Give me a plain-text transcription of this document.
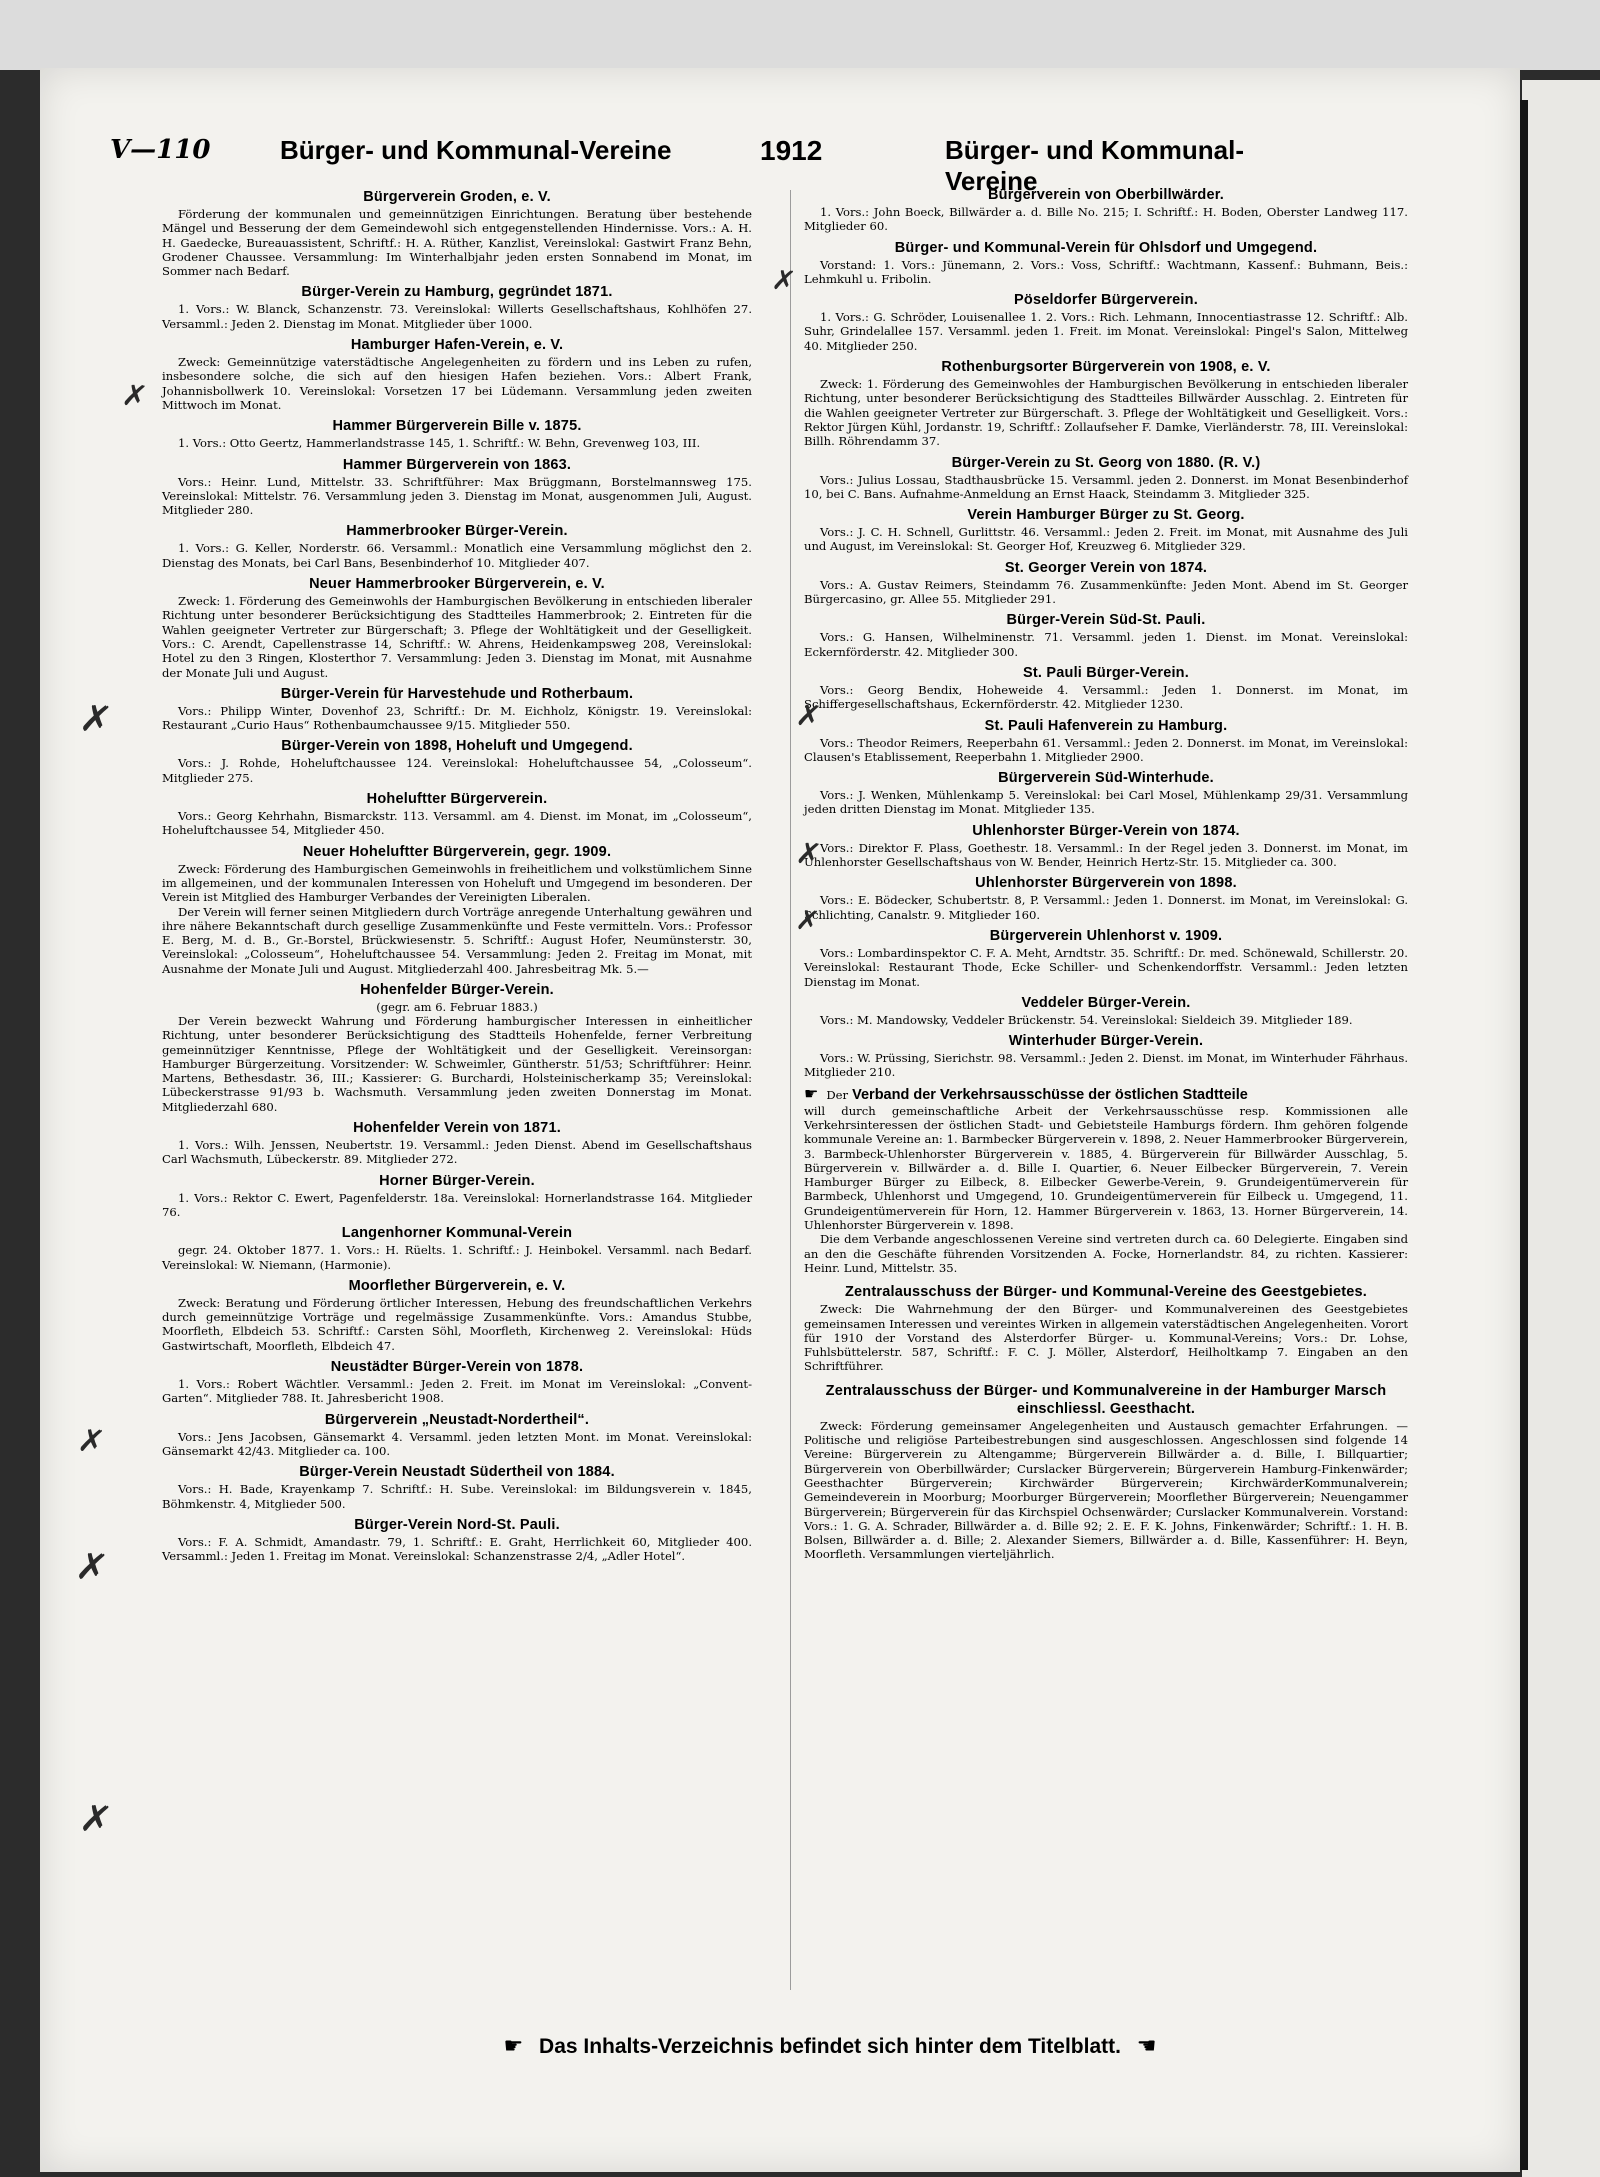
V—110	Bürger- und Kommunal-Vereine	1912	Bürger- und Kommunal-Vereine
Bürgerverein Groden, e. V.

Förderung der kommunalen und gemeinnützigen Einrichtungen. Beratung über bestehende Mängel und Besserung der dem Gemeindewohl sich entgegenstellenden Hindernisse. Vors.: A. H. H. Gaedecke, Bureauassistent, Schriftf.: H. A. Rüther, Kanzlist, Vereinslokal: Gastwirt Franz Behn, Grodener Chaussee. Versammlung: Im Winterhalbjahr jeden ersten Sonnabend im Monat, im Sommer nach Bedarf.

Bürger-Verein zu Hamburg, gegründet 1871.

1. Vors.: W. Blanck, Schanzenstr. 73. Vereinslokal: Willerts Gesellschaftshaus, Kohlhöfen 27. Versamml.: Jeden 2. Dienstag im Monat. Mitglieder über 1000.

Hamburger Hafen-Verein, e. V.

Zweck: Gemeinnützige vaterstädtische Angelegenheiten zu fördern und ins Leben zu rufen, insbesondere solche, die sich auf den hiesigen Hafen beziehen. Vors.: Albert Frank, Johannisbollwerk 10. Vereinslokal: Vorsetzen 17 bei Lüdemann. Versammlung jeden zweiten Mittwoch im Monat.

Hammer Bürgerverein Bille v. 1875.

1. Vors.: Otto Geertz, Hammerlandstrasse 145, 1. Schriftf.: W. Behn, Grevenweg 103, III.

Hammer Bürgerverein von 1863.

Vors.: Heinr. Lund, Mittelstr. 33. Schriftführer: Max Brüggmann, Borstelmannsweg 175. Vereinslokal: Mittelstr. 76. Versammlung jeden 3. Dienstag im Monat, ausgenommen Juli, August. Mitglieder 280.

Hammerbrooker Bürger-Verein.

1. Vors.: G. Keller, Norderstr. 66. Versamml.: Monatlich eine Versammlung möglichst den 2. Dienstag des Monats, bei Carl Bans, Besenbinderhof 10. Mitglieder 407.

Neuer Hammerbrooker Bürgerverein, e. V.

Zweck: 1. Förderung des Gemeinwohls der Hamburgischen Bevölkerung in entschieden liberaler Richtung unter besonderer Berücksichtigung des Stadtteiles Hammerbrook; 2. Eintreten für die Wahlen geeigneter Vertreter zur Bürgerschaft; 3. Pflege der Wohltätigkeit und der Geselligkeit. Vors.: C. Arendt, Capellenstrasse 14, Schriftf.: W. Ahrens, Heidenkampsweg 208, Vereinslokal: Hotel zu den 3 Ringen, Klosterthor 7. Versammlung: Jeden 3. Dienstag im Monat, mit Ausnahme der Monate Juli und August.

Bürger-Verein für Harvestehude und Rotherbaum.

Vors.: Philipp Winter, Dovenhof 23, Schriftf.: Dr. M. Eichholz, Königstr. 19. Vereinslokal: Restaurant „Curio Haus“ Rothenbaumchaussee 9/15. Mitglieder 550.

Bürger-Verein von 1898, Hoheluft und Umgegend.

Vors.: J. Rohde, Hoheluftchaussee 124. Vereinslokal: Hoheluftchaussee 54, „Colosseum“. Mitglieder 275.

Hoheluftter Bürgerverein.

Vors.: Georg Kehrhahn, Bismarckstr. 113. Versamml. am 4. Dienst. im Monat, im „Colosseum“, Hoheluftchaussee 54, Mitglieder 450.

Neuer Hoheluftter Bürgerverein, gegr. 1909.

Zweck: Förderung des Hamburgischen Gemeinwohls in freiheitlichem und volkstümlichem Sinne im allgemeinen, und der kommunalen Interessen von Hoheluft und Umgegend im besonderen. Der Verein ist Mitglied des Hamburger Verbandes der Vereinigten Liberalen.

Der Verein will ferner seinen Mitgliedern durch Vorträge anregende Unterhaltung gewähren und ihre nähere Bekanntschaft durch gesellige Zusammenkünfte und Feste vermitteln. Vors.: Professor E. Berg, M. d. B., Gr.-Borstel, Brückwiesenstr. 5. Schriftf.: August Hofer, Neumünsterstr. 30, Vereinslokal: „Colosseum“, Hoheluftchaussee 54. Versammlung: Jeden 2. Freitag im Monat, mit Ausnahme der Monate Juli und August. Mitgliederzahl 400. Jahresbeitrag Mk. 5.—

Hohenfelder Bürger-Verein.
(gegr. am 6. Februar 1883.)

Der Verein bezweckt Wahrung und Förderung hamburgischer Interessen in einheitlicher Richtung, unter besonderer Berücksichtigung des Stadtteils Hohenfelde, ferner Verbreitung gemeinnütziger Kenntnisse, Pflege der Wohltätigkeit und der Geselligkeit. Vereinsorgan: Hamburger Bürgerzeitung. Vorsitzender: W. Schweimler, Güntherstr. 51/53; Schriftführer: Heinr. Martens, Bethesdastr. 36, III.; Kassierer: G. Burchardi, Holsteinischerkamp 35; Vereinslokal: Lübeckerstrasse 91/93 b. Wachsmuth. Versammlung jeden zweiten Donnerstag im Monat. Mitgliederzahl 680.

Hohenfelder Verein von 1871.

1. Vors.: Wilh. Jenssen, Neubertstr. 19. Versamml.: Jeden Dienst. Abend im Gesellschaftshaus Carl Wachsmuth, Lübeckerstr. 89. Mitglieder 272.

Horner Bürger-Verein.

1. Vors.: Rektor C. Ewert, Pagenfelderstr. 18a. Vereinslokal: Hornerlandstrasse 164. Mitglieder 76.

Langenhorner Kommunal-Verein

gegr. 24. Oktober 1877. 1. Vors.: H. Rüelts. 1. Schriftf.: J. Heinbokel. Versamml. nach Bedarf. Vereinslokal: W. Niemann, (Harmonie).

Moorflether Bürgerverein, e. V.

Zweck: Beratung und Förderung örtlicher Interessen, Hebung des freundschaftlichen Verkehrs durch gemeinnützige Vorträge und regelmässige Zusammenkünfte. Vors.: Amandus Stubbe, Moorfleth, Elbdeich 53. Schriftf.: Carsten Söhl, Moorfleth, Kirchenweg 2. Vereinslokal: Hüds Gastwirtschaft, Moorfleth, Elbdeich 47.

Neustädter Bürger-Verein von 1878.

1. Vors.: Robert Wächtler. Versamml.: Jeden 2. Freit. im Monat im Vereinslokal: „Convent-Garten“. Mitglieder 788. It. Jahresbericht 1908.

Bürgerverein „Neustadt-Nordertheil“.

Vors.: Jens Jacobsen, Gänsemarkt 4. Versamml. jeden letzten Mont. im Monat. Vereinslokal: Gänsemarkt 42/43. Mitglieder ca. 100.

Bürger-Verein Neustadt Südertheil von 1884.

Vors.: H. Bade, Krayenkamp 7. Schriftf.: H. Sube. Vereinslokal: im Bildungsverein v. 1845, Böhmkenstr. 4, Mitglieder 500.

Bürger-Verein Nord-St. Pauli.

Vors.: F. A. Schmidt, Amandastr. 79, 1. Schriftf.: E. Graht, Herrlichkeit 60, Mitglieder 400. Versamml.: Jeden 1. Freitag im Monat. Vereinslokal: Schanzenstrasse 2/4, „Adler Hotel“.

Bürgerverein von Oberbillwärder.

1. Vors.: John Boeck, Billwärder a. d. Bille No. 215; I. Schriftf.: H. Boden, Oberster Landweg 117. Mitglieder 60.

Bürger- und Kommunal-Verein für Ohlsdorf und Umgegend.

Vorstand: 1. Vors.: Jünemann, 2. Vors.: Voss, Schriftf.: Wachtmann, Kassenf.: Buhmann, Beis.: Lehmkuhl u. Fribolin.

Pöseldorfer Bürgerverein.

1. Vors.: G. Schröder, Louisenallee 1. 2. Vors.: Rich. Lehmann, Innocentiastrasse 12. Schriftf.: Alb. Suhr, Grindelallee 157. Versamml. jeden 1. Freit. im Monat. Vereinslokal: Pingel's Salon, Mittelweg 40. Mitglieder 250.

Rothenburgsorter Bürgerverein von 1908, e. V.

Zweck: 1. Förderung des Gemeinwohles der Hamburgischen Bevölkerung in entschieden liberaler Richtung, unter besonderer Berücksichtigung des Stadtteiles Billwärder Ausschlag. 2. Eintreten für die Wahlen geeigneter Vertreter zur Bürgerschaft. 3. Pflege der Wohltätigkeit und Geselligkeit. Vors.: Rektor Jürgen Kühl, Jordanstr. 19, Schriftf.: Zollaufseher F. Damke, Vierländerstr. 78, III. Vereinslokal: Billh. Röhrendamm 37.

Bürger-Verein zu St. Georg von 1880. (R. V.)

Vors.: Julius Lossau, Stadthausbrücke 15. Versamml. jeden 2. Donnerst. im Monat Besenbinderhof 10, bei C. Bans. Aufnahme-Anmeldung an Ernst Haack, Steindamm 3. Mitglieder 325.

Verein Hamburger Bürger zu St. Georg.

Vors.: J. C. H. Schnell, Gurlittstr. 46. Versamml.: Jeden 2. Freit. im Monat, mit Ausnahme des Juli und August, im Vereinslokal: St. Georger Hof, Kreuzweg 6. Mitglieder 329.

St. Georger Verein von 1874.

Vors.: A. Gustav Reimers, Steindamm 76. Zusammenkünfte: Jeden Mont. Abend im St. Georger Bürgercasino, gr. Allee 55. Mitglieder 291.

Bürger-Verein Süd-St. Pauli.

Vors.: G. Hansen, Wilhelminenstr. 71. Versamml. jeden 1. Dienst. im Monat. Vereinslokal: Eckernförderstr. 42. Mitglieder 300.

St. Pauli Bürger-Verein.

Vors.: Georg Bendix, Hoheweide 4. Versamml.: Jeden 1. Donnerst. im Monat, im Schiffergesellschaftshaus, Eckernförderstr. 42. Mitglieder 1230.

St. Pauli Hafenverein zu Hamburg.

Vors.: Theodor Reimers, Reeperbahn 61. Versamml.: Jeden 2. Donnerst. im Monat, im Vereinslokal: Clausen's Etablissement, Reeperbahn 1. Mitglieder 2900.

Bürgerverein Süd-Winterhude.

Vors.: J. Wenken, Mühlenkamp 5. Vereinslokal: bei Carl Mosel, Mühlenkamp 29/31. Versammlung jeden dritten Dienstag im Monat. Mitglieder 135.

Uhlenhorster Bürger-Verein von 1874.

Vors.: Direktor F. Plass, Goethestr. 18. Versamml.: In der Regel jeden 3. Donnerst. im Monat, im Uhlenhorster Gesellschaftshaus von W. Bender, Heinrich Hertz-Str. 15. Mitglieder ca. 300.

Uhlenhorster Bürgerverein von 1898.

Vors.: E. Bödecker, Schubertstr. 8, P. Versamml.: Jeden 1. Donnerst. im Monat, im Vereinslokal: G. Schlichting, Canalstr. 9. Mitglieder 160.

Bürgerverein Uhlenhorst v. 1909.

Vors.: Lombardinspektor C. F. A. Meht, Arndtstr. 35. Schriftf.: Dr. med. Schönewald, Schillerstr. 20. Vereinslokal: Restaurant Thode, Ecke Schiller- und Schenkendorffstr. Versamml.: Jeden letzten Dienstag im Monat.

Veddeler Bürger-Verein.

Vors.: M. Mandowsky, Veddeler Brückenstr. 54. Vereinslokal: Sieldeich 39. Mitglieder 189.

Winterhuder Bürger-Verein.

Vors.: W. Prüssing, Sierichstr. 98. Versamml.: Jeden 2. Dienst. im Monat, im Winterhuder Fährhaus. Mitglieder 210.

☛ Der Verband der Verkehrsausschüsse der östlichen Stadtteile

will durch gemeinschaftliche Arbeit der Verkehrsausschüsse resp. Kommissionen alle Verkehrsinteressen der östlichen Stadt- und Gebietsteile Hamburgs fördern. Ihm gehören folgende kommunale Vereine an: 1. Barmbecker Bürgerverein v. 1898, 2. Neuer Hammerbrooker Bürgerverein, 3. Barmbeck-Uhlenhorster Bürgerverein v. 1885, 4. Bürgerverein für Billwärder Ausschlag, 5. Bürgerverein v. Billwärder a. d. Bille I. Quartier, 6. Neuer Eilbecker Bürgerverein, 7. Verein Hamburger Bürger zu Eilbeck, 8. Eilbecker Gewerbe-Verein, 9. Grundeigentümerverein für Barmbeck, Uhlenhorst und Umgegend, 10. Grundeigentümerverein für Eilbeck u. Umgegend, 11. Grundeigentümerverein für Horn, 12. Hammer Bürgerverein v. 1863, 13. Horner Bürgerverein, 14. Uhlenhorster Bürgerverein v. 1898.

Die dem Verbande angeschlossenen Vereine sind vertreten durch ca. 60 Delegierte. Eingaben sind an den die Geschäfte führenden Vorsitzenden A. Focke, Hornerlandstr. 84, zu richten. Kassierer: Heinr. Lund, Mittelstr. 35.

Zentralausschuss der Bürger- und Kommunal-Vereine des Geestgebietes.

Zweck: Die Wahrnehmung der den Bürger- und Kommunalvereinen des Geestgebietes gemeinsamen Interessen und vereintes Wirken in allgemein vaterstädtischen Angelegenheiten. Vorort für 1910 der Vorstand des Alsterdorfer Bürger- u. Kommunal-Vereins; Vors.: Dr. Lohse, Fuhlsbüttelerstr. 587, Schriftf.: F. C. J. Möller, Alsterdorf, Heilholtkamp 7. Eingaben an den Schriftführer.

Zentralausschuss der Bürger- und Kommunalvereine in der Hamburger Marsch einschliessl. Geesthacht.

Zweck: Förderung gemeinsamer Angelegenheiten und Austausch gemachter Erfahrungen. — Politische und religiöse Parteibestrebungen sind ausgeschlossen. Angeschlossen sind folgende 14 Vereine: Bürgerverein zu Altengamme; Bürgerverein Billwärder a. d. Bille, I. Billquartier; Bürgerverein von Oberbillwärder; Curslacker Bürgerverein; Bürgerverein Hamburg-Finkenwärder; Geesthachter Bürgerverein; Kirchwärder Bürgerverein; KirchwärderKommunalverein; Gemeindeverein in Moorburg; Moorburger Bürgerverein; Moorflether Bürgerverein; Neuengammer Bürgerverein; Bürgerverein für das Kirchspiel Ochsenwärder; Curslacker Kommunalverein. Vorstand: Vors.: 1. G. A. Schrader, Billwärder a. d. Bille 92; 2. E. F. K. Johns, Finkenwärder; Schriftf.: 1. H. B. Bolsen, Billwärder a. d. Bille; 2. Alexander Siemers, Billwärder a. d. Bille, Kassenführer: H. Beyn, Moorfleth. Versammlungen vierteljährlich.

☛ Das Inhalts-Verzeichnis befindet sich hinter dem Titelblatt. ☚
✗
✗
✗
✗
✗
✗
✗
✗
✗
